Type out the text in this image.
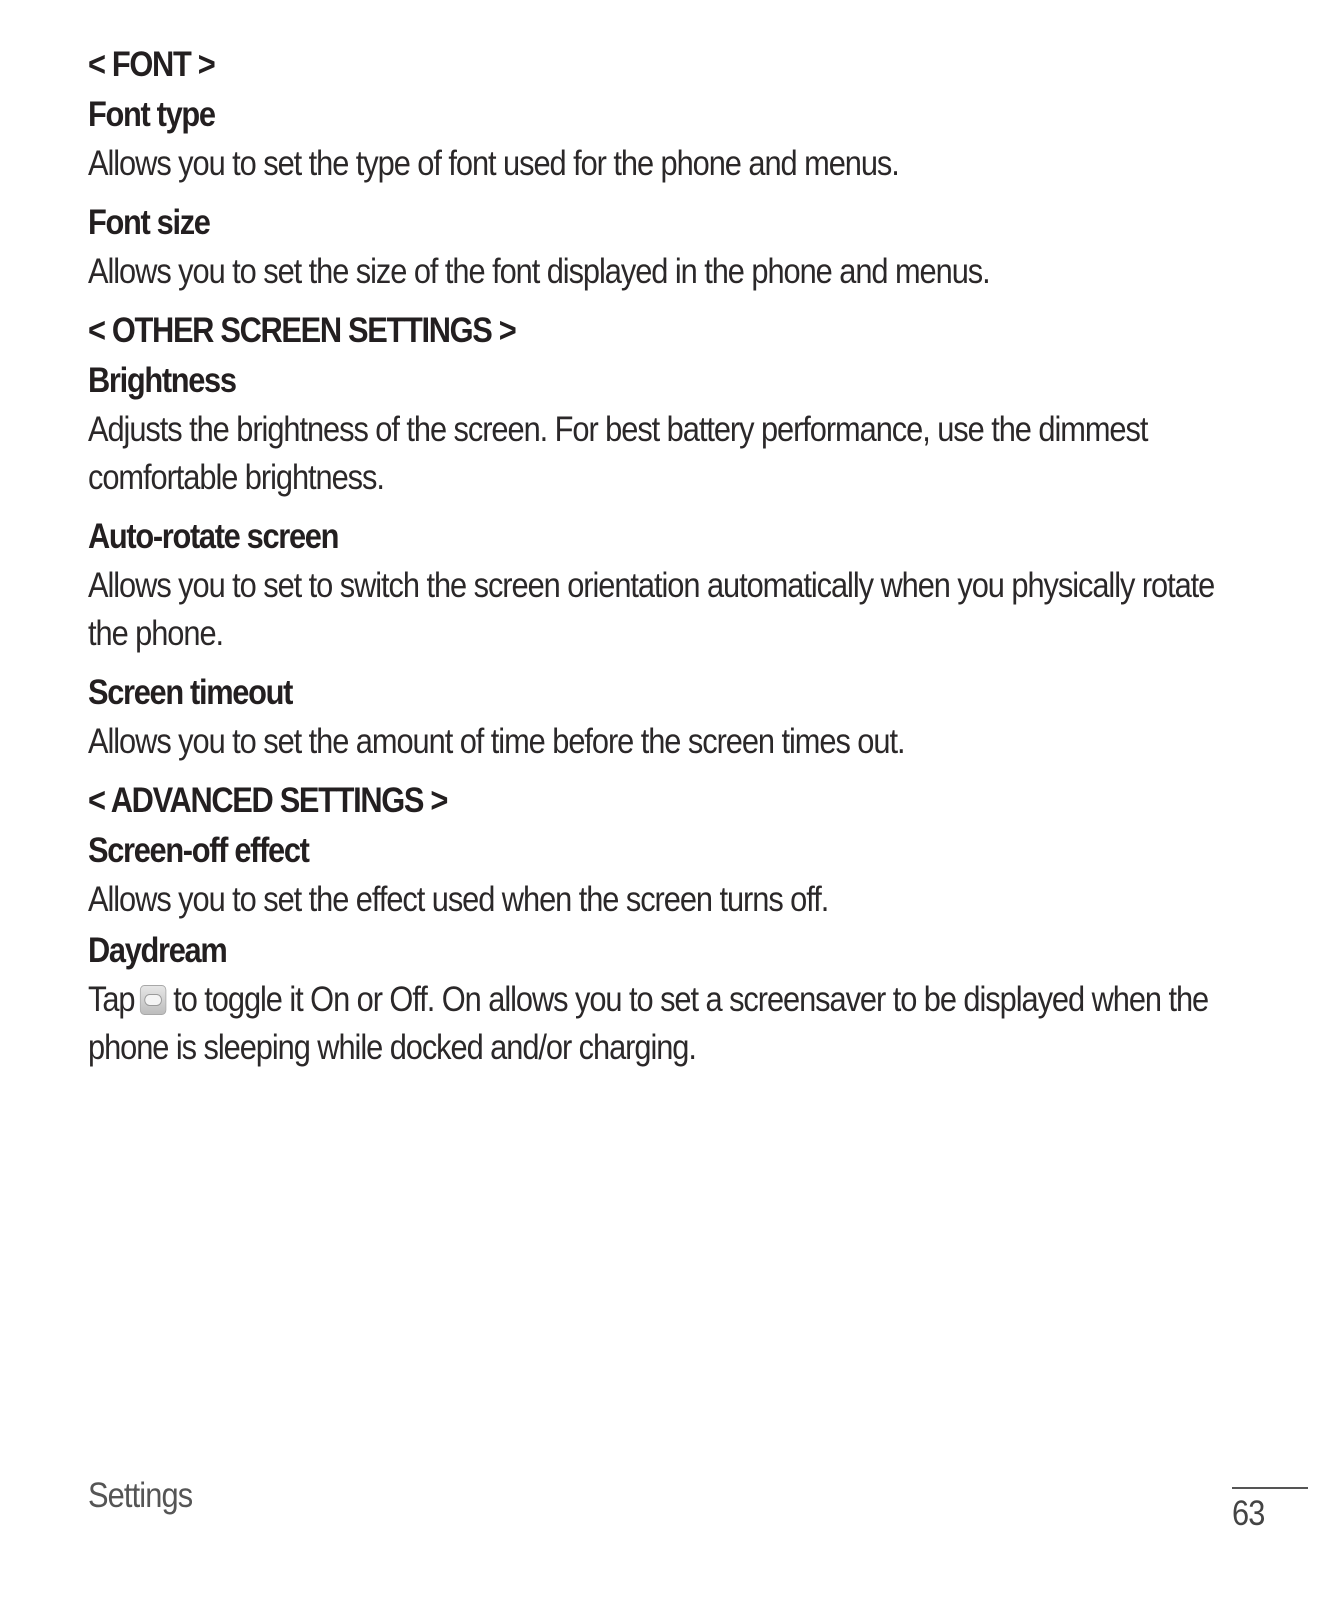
< FONT >
Font type
Allows you to set the type of font used for the phone and menus.
Font size
Allows you to set the size of the font displayed in the phone and menus.
< OTHER SCREEN SETTINGS >
Brightness
Adjusts the brightness of the screen. For best battery performance, use the dimmest comfortable brightness.
Auto-rotate screen
Allows you to set to switch the screen orientation automatically when you physically rotate the phone.
Screen timeout
Allows you to set the amount of time before the screen times out.
< ADVANCED SETTINGS >
Screen-off effect
Allows you to set the effect used when the screen turns off.
Daydream
Tap to toggle it On or Off. On allows you to set a screensaver to be displayed when the phone is sleeping while docked and/or charging.
Settings	63
